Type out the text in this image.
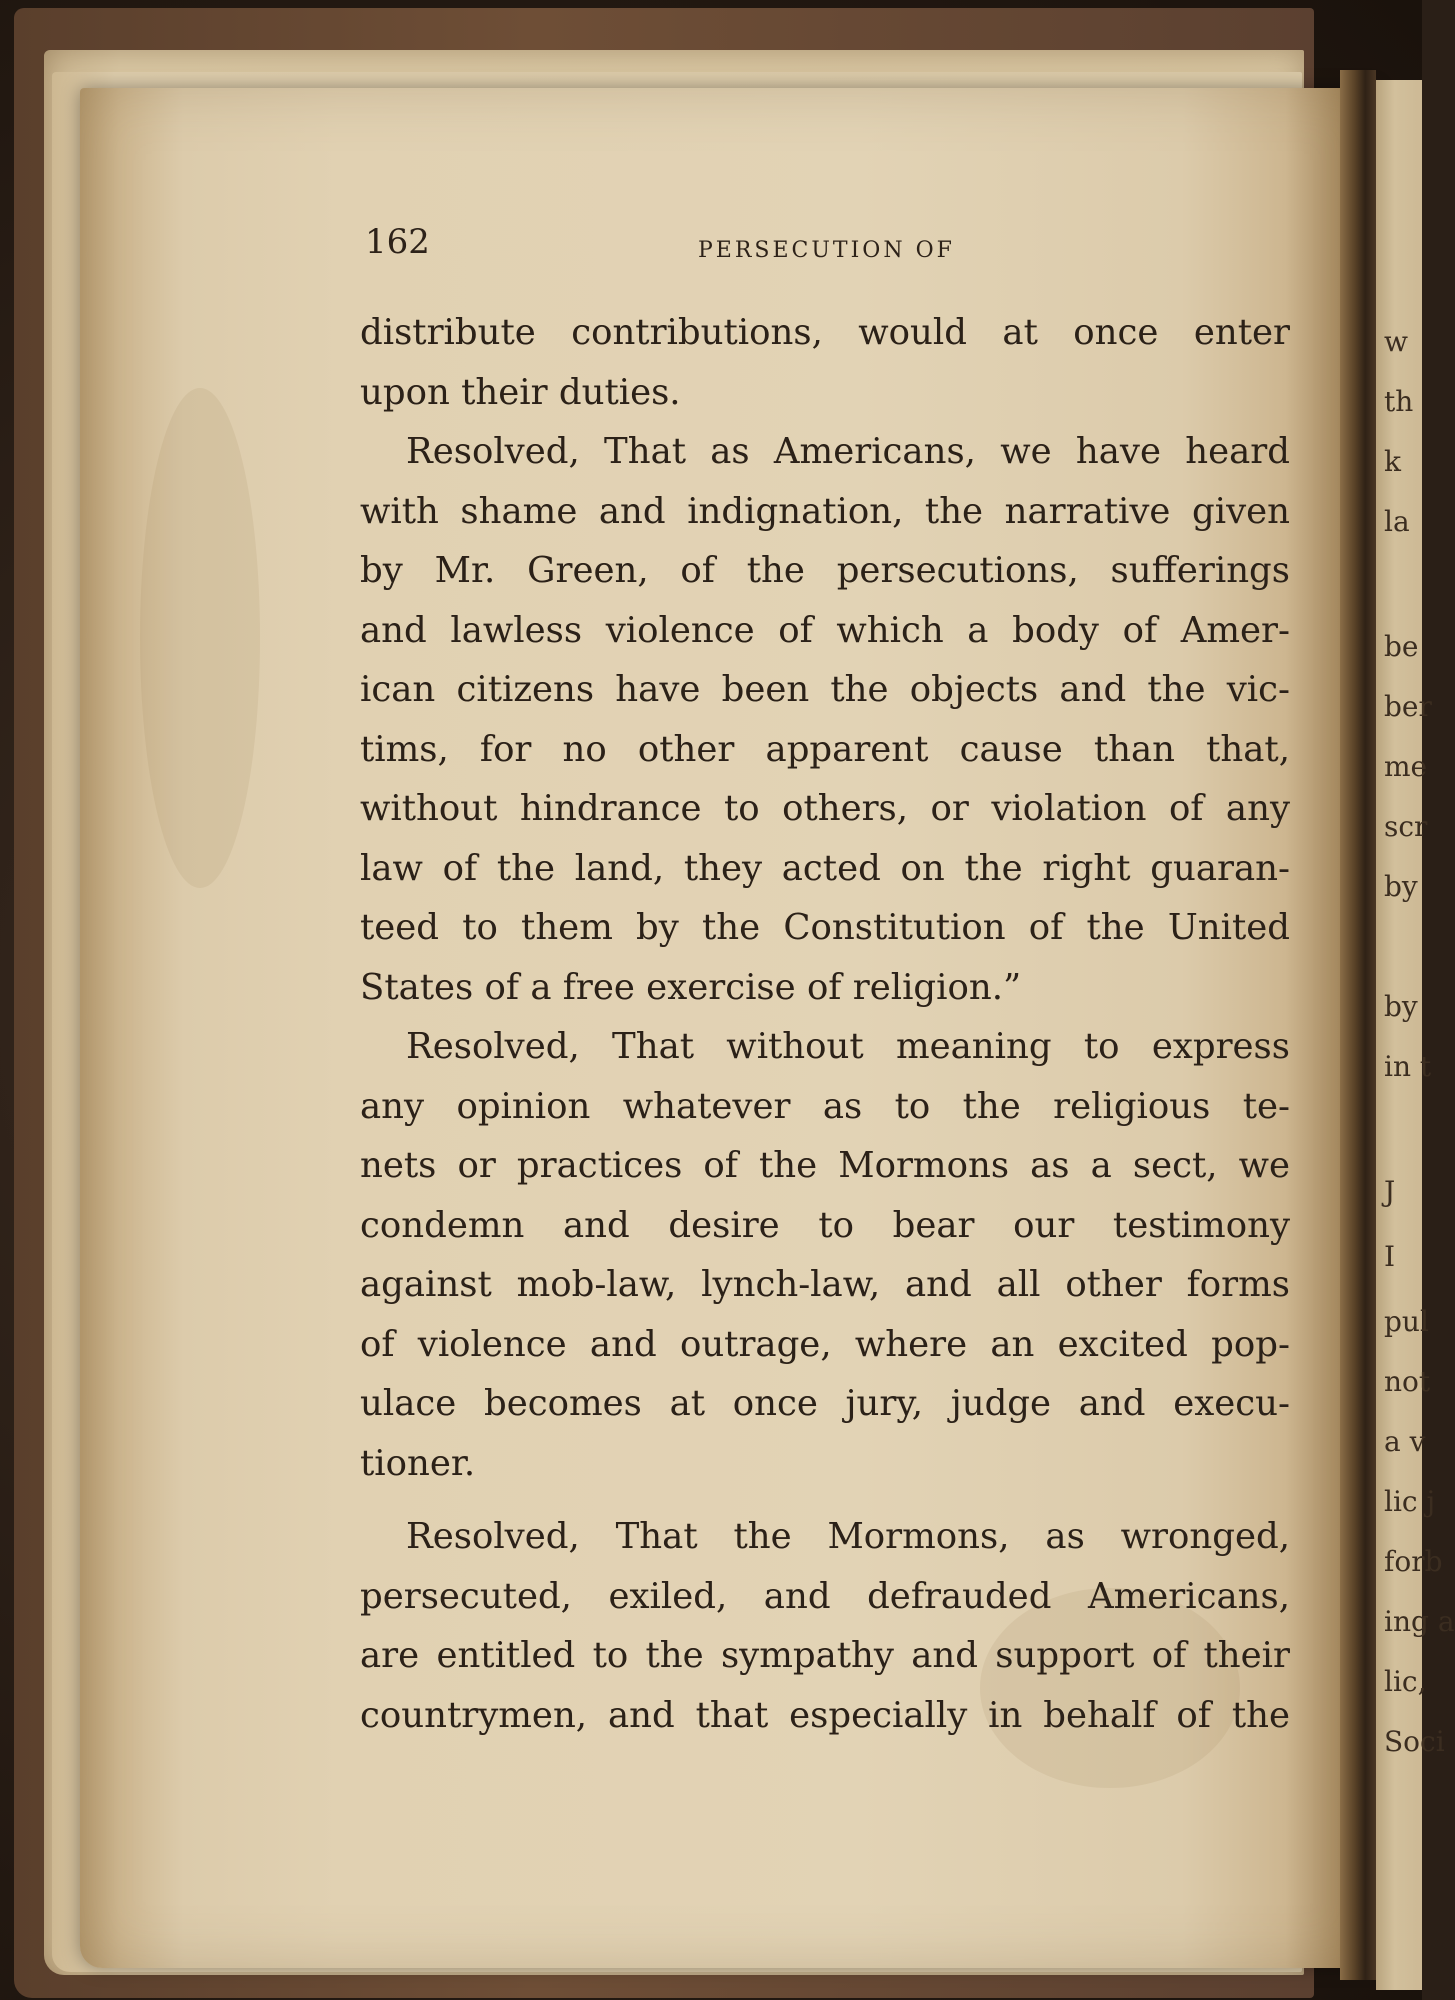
w
th
k
la
be
ber
me
scr
by
by
in t
J
I
pul
not
a v
lic j
forb
ing a
lic,
Soci
162	PERSECUTION OF
distribute contributions, would at once enter
upon their duties.
Resolved, That as Americans, we have heard
with shame and indignation, the narrative given
by Mr. Green, of the persecutions, sufferings
and lawless violence of which a body of Amer-
ican citizens have been the objects and the vic-
tims, for no other apparent cause than that,
without hindrance to others, or violation of any
law of the land, they acted on the right guaran-
teed to them by the Constitution of the United
States of a free exercise of religion.”
Resolved, That without meaning to express
any opinion whatever as to the religious te-
nets or practices of the Mormons as a sect, we
condemn and desire to bear our testimony
against mob-law, lynch-law, and all other forms
of violence and outrage, where an excited pop-
ulace becomes at once jury, judge and execu-
tioner.
Resolved, That the Mormons, as wronged,
persecuted, exiled, and defrauded Americans,
are entitled to the sympathy and support of their
countrymen, and that especially in behalf of the
